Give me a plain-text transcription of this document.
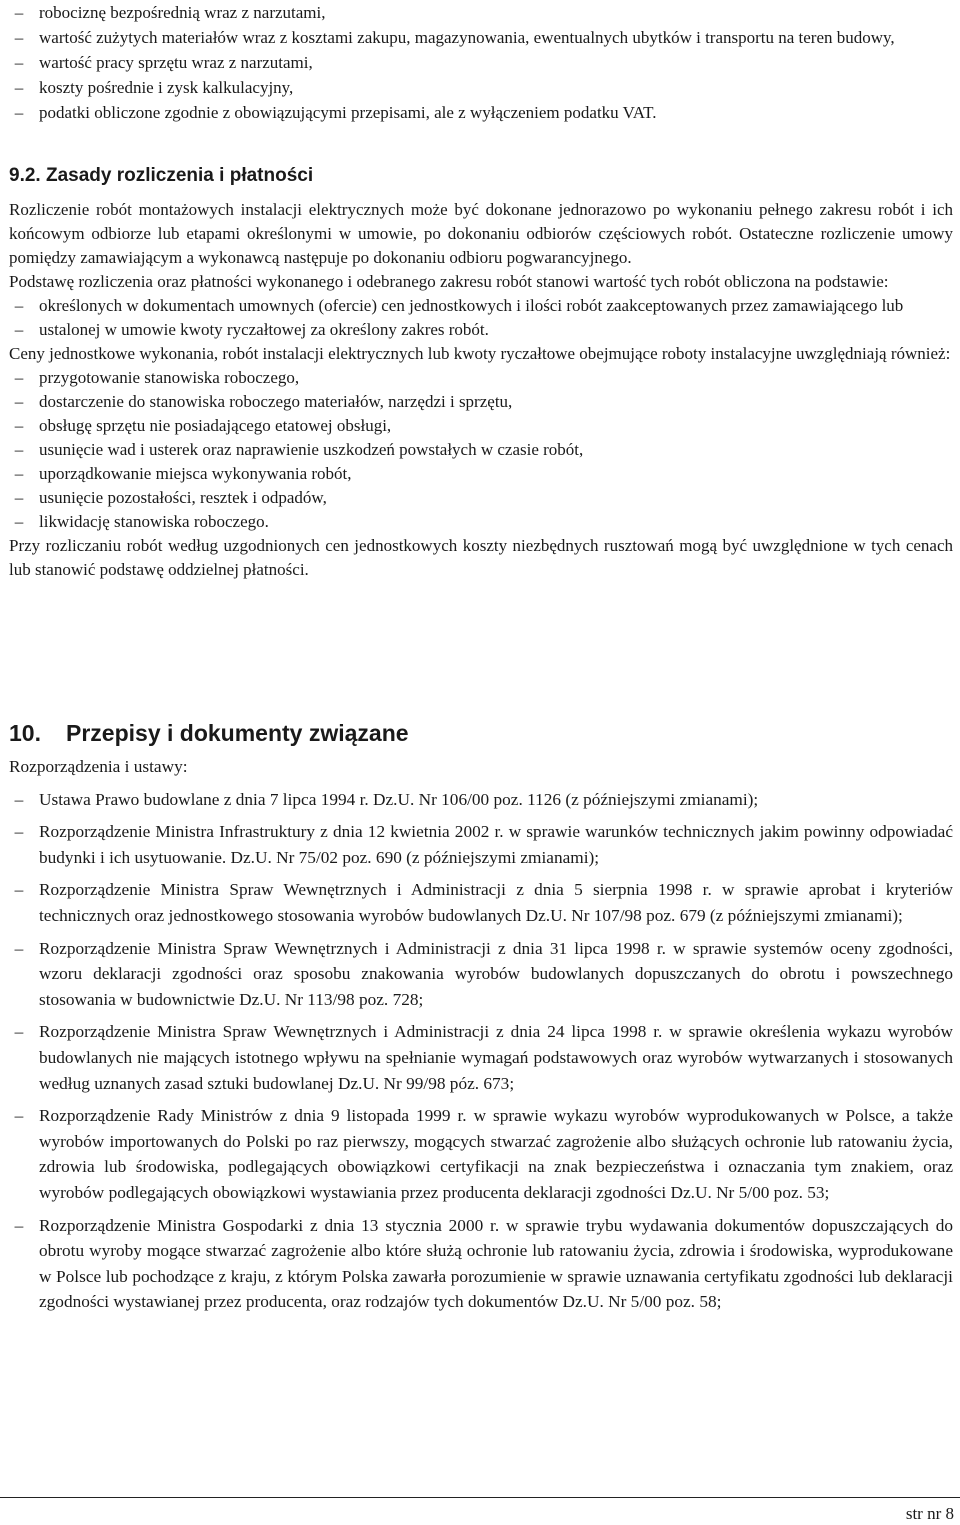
– robociznę bezpośrednią wraz z narzutami,
– wartość zużytych materiałów wraz z kosztami zakupu, magazynowania, ewentualnych ubytków i transportu na teren budowy,
– wartość pracy sprzętu wraz z narzutami,
– koszty pośrednie i zysk kalkulacyjny,
– podatki obliczone zgodnie z obowiązującymi przepisami, ale z wyłączeniem podatku VAT.
9.2. Zasady rozliczenia i płatności

Rozliczenie robót montażowych instalacji elektrycznych może być dokonane jednorazowo po wykonaniu pełnego zakresu robót i ich końcowym odbiorze lub etapami określonymi w umowie, po dokonaniu odbiorów częściowych robót. Ostateczne rozliczenie umowy pomiędzy zamawiającym a wykonawcą następuje po dokonaniu odbioru pogwarancyjnego.

Podstawę rozliczenia oraz płatności wykonanego i odebranego zakresu robót stanowi wartość tych robót obliczona na podstawie:

– określonych w dokumentach umownych (ofercie) cen jednostkowych i ilości robót zaakceptowanych przez zamawiającego lub
– ustalonej w umowie kwoty ryczałtowej za określony zakres robót.

Ceny jednostkowe wykonania, robót instalacji elektrycznych lub kwoty ryczałtowe obejmujące roboty instalacyjne uwzględniają również:

– przygotowanie stanowiska roboczego,
– dostarczenie do stanowiska roboczego materiałów, narzędzi i sprzętu,
– obsługę sprzętu nie posiadającego etatowej obsługi,
– usunięcie wad i usterek oraz naprawienie uszkodzeń powstałych w czasie robót,
– uporządkowanie miejsca wykonywania robót,
– usunięcie pozostałości, resztek i odpadów,
– likwidację stanowiska roboczego.

Przy rozliczaniu robót według uzgodnionych cen jednostkowych koszty niezbędnych rusztowań mogą być uwzględnione w tych cenach lub stanowić podstawę oddzielnej płatności.

10. Przepisy i dokumenty związane

Rozporządzenia i ustawy:

– Ustawa Prawo budowlane z dnia 7 lipca 1994 r. Dz.U. Nr 106/00 poz. 1126 (z późniejszymi zmianami);
– Rozporządzenie Ministra Infrastruktury z dnia 12 kwietnia 2002 r. w sprawie warunków technicznych jakim powinny odpowiadać budynki i ich usytuowanie. Dz.U. Nr 75/02 poz. 690 (z późniejszymi zmianami);
– Rozporządzenie Ministra Spraw Wewnętrznych i Administracji z dnia 5 sierpnia 1998 r. w sprawie aprobat i kryteriów technicznych oraz jednostkowego stosowania wyrobów budowlanych Dz.U. Nr 107/98 poz. 679 (z późniejszymi zmianami);
– Rozporządzenie Ministra Spraw Wewnętrznych i Administracji z dnia 31 lipca 1998 r. w sprawie systemów oceny zgodności, wzoru deklaracji zgodności oraz sposobu znakowania wyrobów budowlanych dopuszczanych do obrotu i powszechnego stosowania w budownictwie Dz.U. Nr 113/98 poz. 728;
– Rozporządzenie Ministra Spraw Wewnętrznych i Administracji z dnia 24 lipca 1998 r. w sprawie określenia wykazu wyrobów budowlanych nie mających istotnego wpływu na spełnianie wymagań podstawowych oraz wyrobów wytwarzanych i stosowanych według uznanych zasad sztuki budowlanej Dz.U. Nr 99/98 póz. 673;
– Rozporządzenie Rady Ministrów z dnia 9 listopada 1999 r. w sprawie wykazu wyrobów wyprodukowanych w Polsce, a także wyrobów importowanych do Polski po raz pierwszy, mogących stwarzać zagrożenie albo służących ochronie lub ratowaniu życia, zdrowia lub środowiska, podlegających obowiązkowi certyfikacji na znak bezpieczeństwa i oznaczania tym znakiem, oraz wyrobów podlegających obowiązkowi wystawiania przez producenta deklaracji zgodności Dz.U. Nr 5/00 poz. 53;
– Rozporządzenie Ministra Gospodarki z dnia 13 stycznia 2000 r. w sprawie trybu wydawania dokumentów dopuszczających do obrotu wyroby mogące stwarzać zagrożenie albo które służą ochronie lub ratowaniu życia, zdrowia i środowiska, wyprodukowane w Polsce lub pochodzące z kraju, z którym Polska zawarła porozumienie w sprawie uznawania certyfikatu zgodności lub deklaracji zgodności wystawianej przez producenta, oraz rodzajów tych dokumentów Dz.U. Nr 5/00 poz. 58;
str nr 8
